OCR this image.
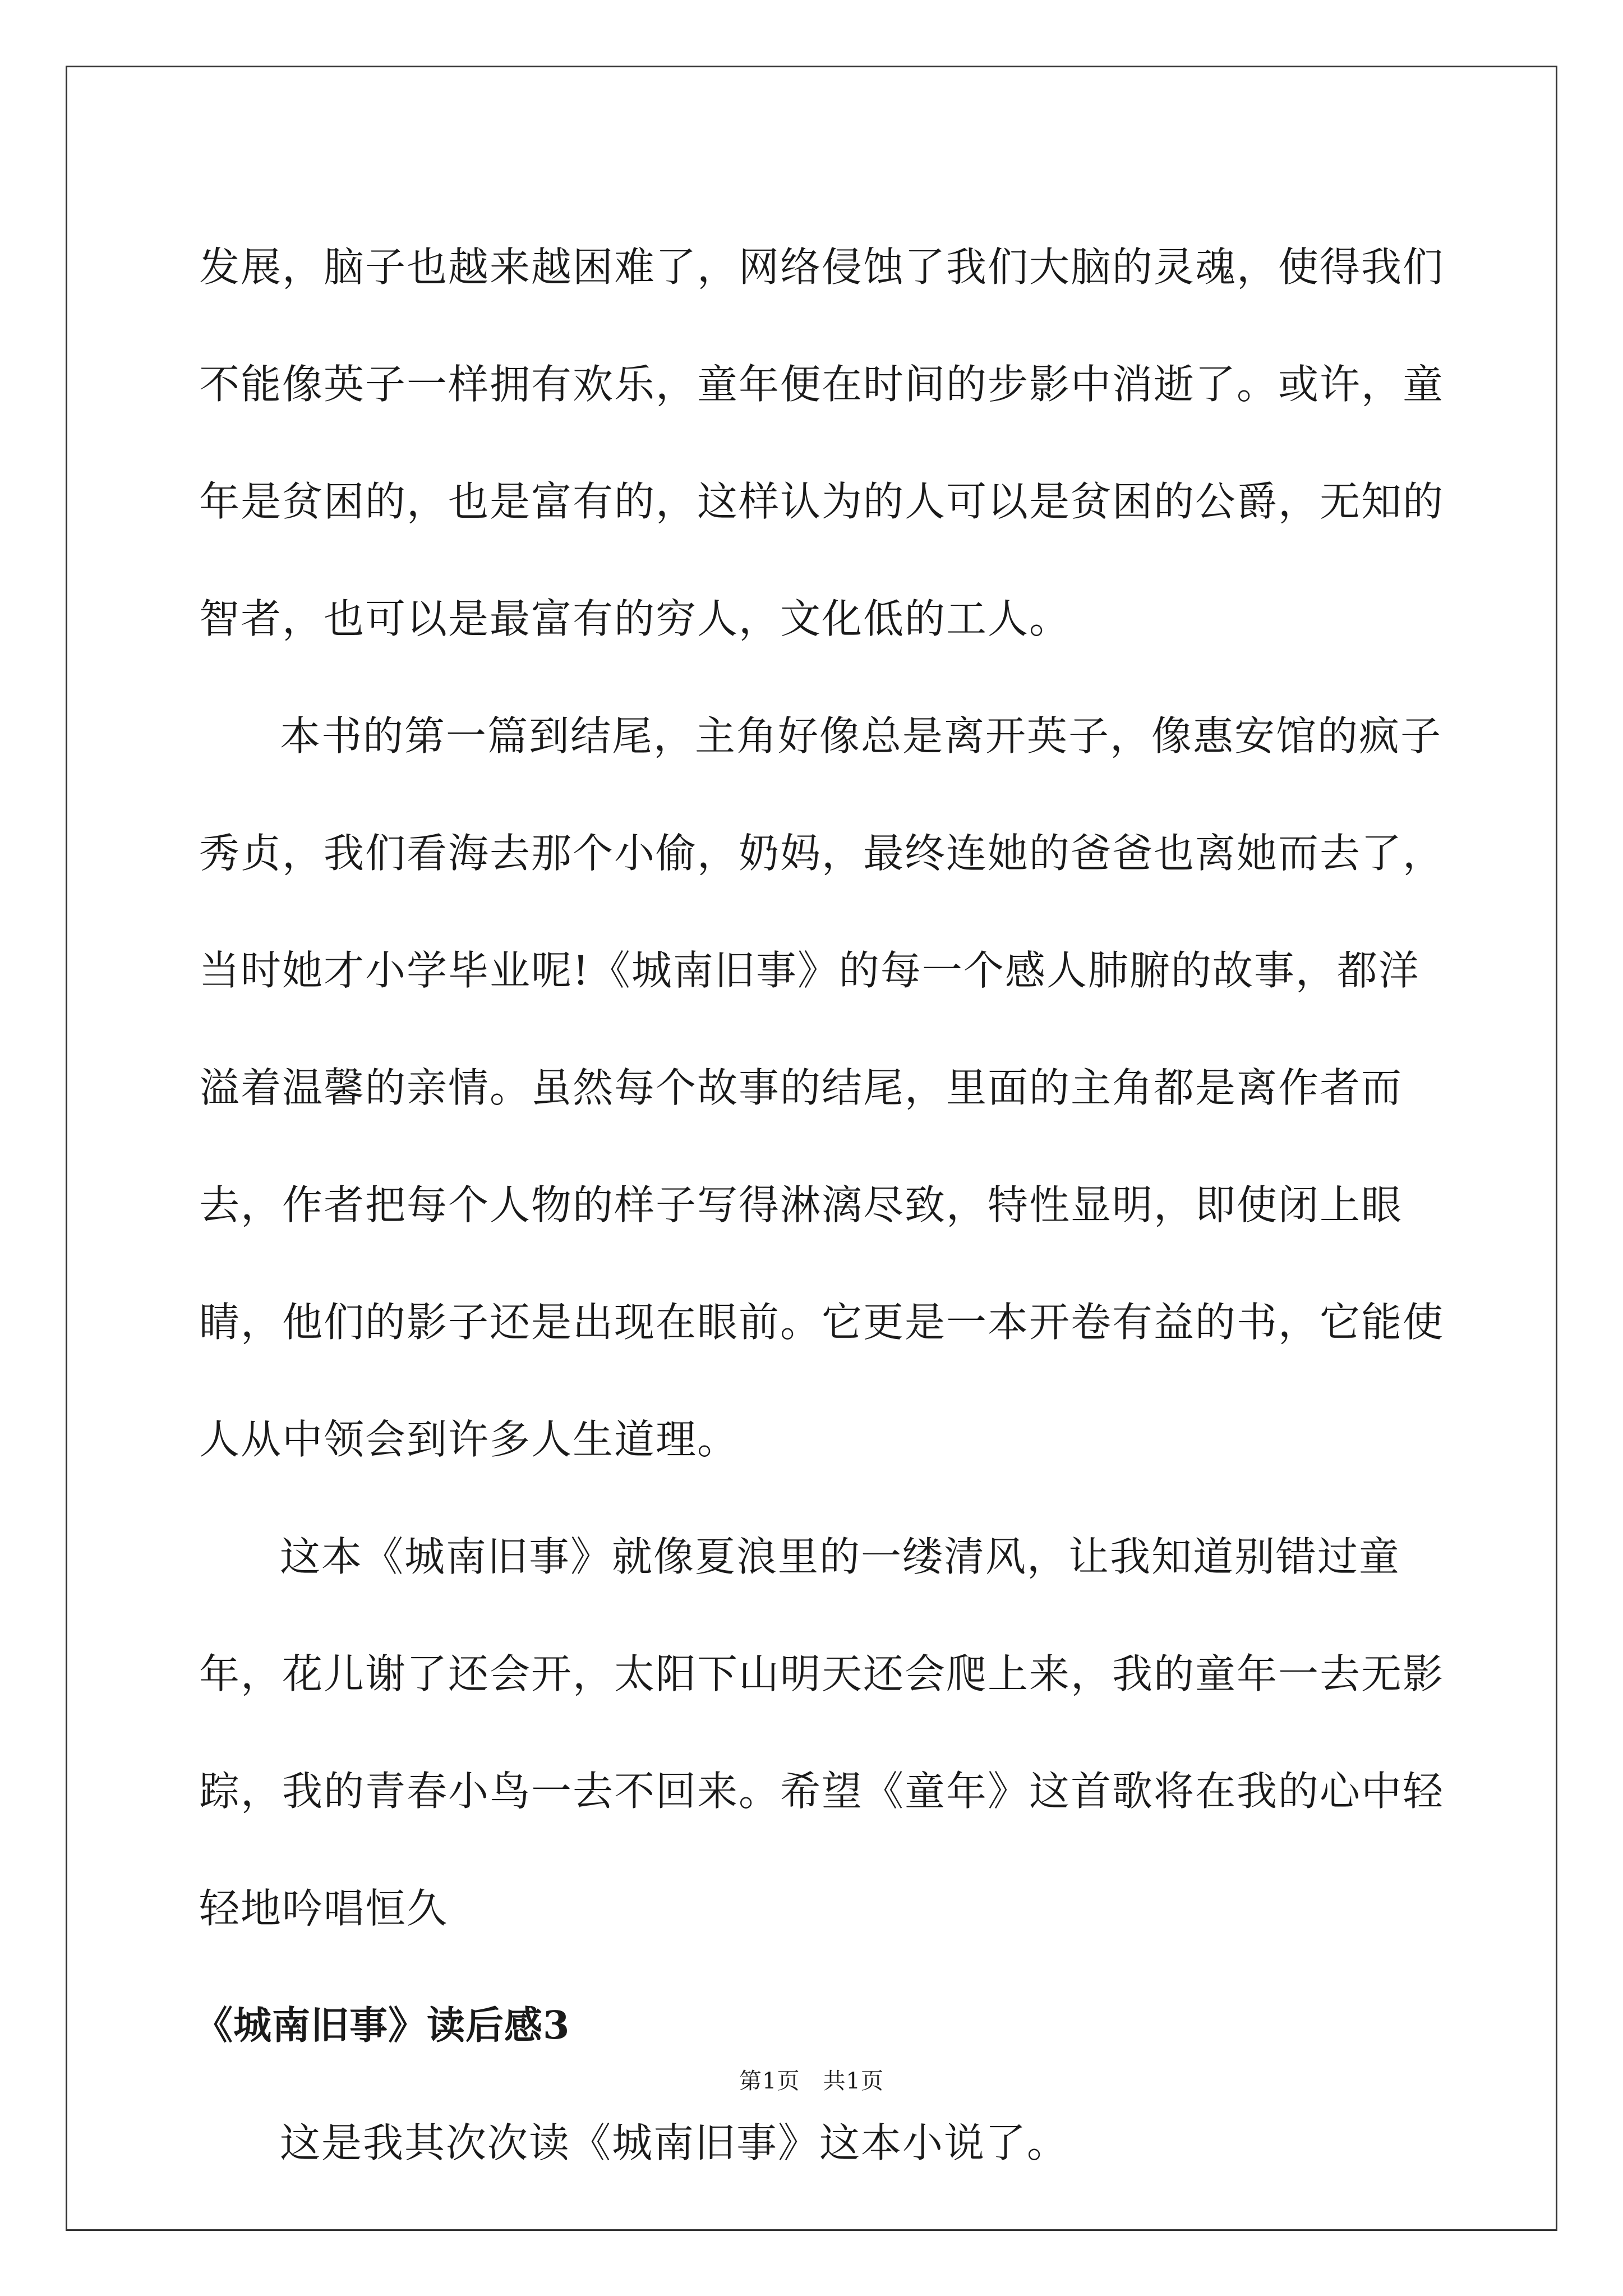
发展，脑子也越来越困难了，网络侵蚀了我们大脑的灵魂，使得我们不能像英子一样拥有欢乐，童年便在时间的步影中消逝了。或许，童年是贫困的，也是富有的，这样认为的人可以是贫困的公爵，无知的智者，也可以是最富有的穷人，文化低的工人。

本书的第一篇到结尾，主角好像总是离开英子，像惠安馆的疯子秀贞，我们看海去那个小偷，奶妈，最终连她的爸爸也离她而去了，当时她才小学毕业呢!《城南旧事》的每一个感人肺腑的故事，都洋溢着温馨的亲情。虽然每个故事的结尾，里面的主角都是离作者而去，作者把每个人物的样子写得淋漓尽致，特性显明，即使闭上眼睛，他们的影子还是出现在眼前。它更是一本开卷有益的书，它能使人从中领会到许多人生道理。

这本《城南旧事》就像夏浪里的一缕清风，让我知道别错过童年，花儿谢了还会开，太阳下山明天还会爬上来，我的童年一去无影踪，我的青春小鸟一去不回来。希望《童年》这首歌将在我的心中轻轻地吟唱恒久

《城南旧事》读后感3

这是我其次次读《城南旧事》这本小说了。

第1页　共1页
